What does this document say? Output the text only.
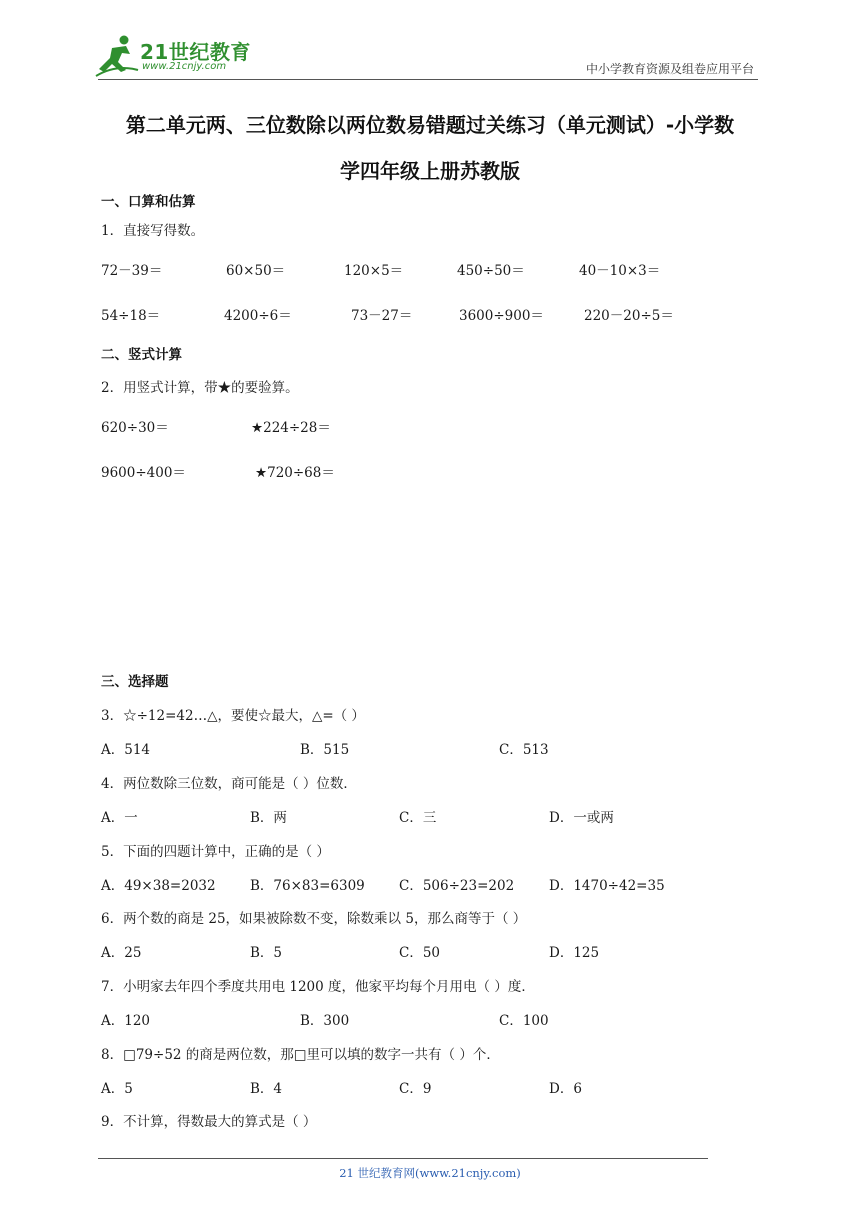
21世纪教育
www.21cnjy.com	中小学教育资源及组卷应用平台
第二单元两、三位数除以两位数易错题过关练习（单元测试）-小学数
学四年级上册苏教版
一、口算和估算
1．直接写得数。
72－39＝	60×50＝	120×5＝	450÷50＝	40－10×3＝
54÷18＝	4200÷6＝	73－27＝	3600÷900＝	220－20÷5＝
二、竖式计算
2．用竖式计算，带★的要验算。
620÷30＝	★224÷28＝
9600÷400＝	★720÷68＝
三、选择题
3．☆÷12=42…△，要使☆最大，△=（ ）
A．514	B．515	C．513
4．两位数除三位数，商可能是（ ）位数．
A．一	B．两	C．三	D．一或两
5．下面的四题计算中，正确的是（ ）
A．49×38=2032	B．76×83=6309	C．506÷23=202	D．1470÷42=35
6．两个数的商是 25，如果被除数不变，除数乘以 5，那么商等于（ ）
A．25	B．5	C．50	D．125
7．小明家去年四个季度共用电 1200 度，他家平均每个月用电（ ）度．
A．120	B．300	C．100
8．□79÷52 的商是两位数，那□里可以填的数字一共有（ ）个．
A．5	B．4	C．9	D．6
9．不计算，得数最大的算式是（ ）
21 世纪教育网(www.21cnjy.com)
